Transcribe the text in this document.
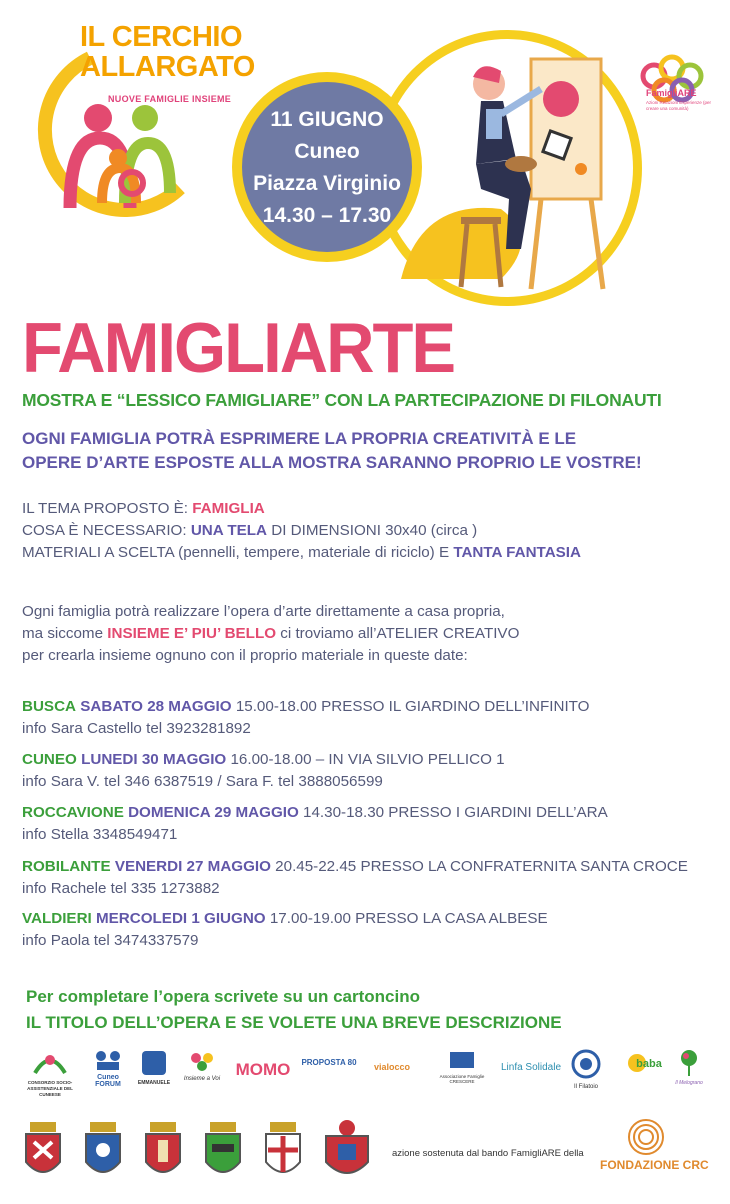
IL CERCHIO
ALLARGATO
NUOVE FAMIGLIE INSIEME
11 GIUGNO
Cuneo
Piazza Virginio
14.30 – 17.30
FamigliARE
Azioni Relazioni Esperienze (per creare una comunità)
FAMIGLIARTE
MOSTRA E “LESSICO FAMIGLIARE” CON LA PARTECIPAZIONE DI FILONAUTI
OGNI FAMIGLIA POTRÀ ESPRIMERE LA PROPRIA CREATIVITÀ E LE
OPERE D’ARTE ESPOSTE ALLA MOSTRA SARANNO PROPRIO LE VOSTRE!
IL TEMA PROPOSTO È: FAMIGLIA
COSA È NECESSARIO: UNA TELA DI DIMENSIONI 30x40 (circa )
MATERIALI A SCELTA (pennelli, tempere, materiale di riciclo) E TANTA FANTASIA
Ogni famiglia potrà realizzare l’opera d’arte direttamente a casa propria,
ma siccome INSIEME E’ PIU’ BELLO ci troviamo all’ATELIER CREATIVO
per crearla insieme ognuno con il proprio materiale in queste date:
BUSCA SABATO 28 MAGGIO 15.00-18.00 PRESSO IL GIARDINO DELL’INFINITO
info Sara Castello tel 3923281892
CUNEO LUNEDI 30 MAGGIO 16.00-18.00 – IN VIA SILVIO PELLICO 1
info Sara V. tel 346 6387519 / Sara F. tel 3888056599
ROCCAVIONE DOMENICA 29 MAGGIO 14.30-18.30 PRESSO I GIARDINI DELL’ARA
info Stella 3348549471
ROBILANTE VENERDI 27 MAGGIO 20.45-22.45 PRESSO LA CONFRATERNITA SANTA CROCE
info Rachele tel 335 1273882
VALDIERI MERCOLEDI 1 GIUGNO 17.00-19.00 PRESSO LA CASA ALBESE
info Paola tel 3474337579
Per completare l’opera scrivete su un cartoncino
IL TITOLO DELL’OPERA E SE VOLETE UNA BREVE DESCRIZIONE
CONSORZIO SOCIO-ASSISTENZIALE DEL CUNEESE
Cuneo FORUM	EMMANUELE
Insieme a Voi MOMO	PROPOSTA 80	vialocco
Associazione Famiglie CRESCERE
Linfa Solidale
Il Filatoio
baba
Il Melograno
azione sostenuta dal bando FamigliARE della
FONDAZIONE CRC
